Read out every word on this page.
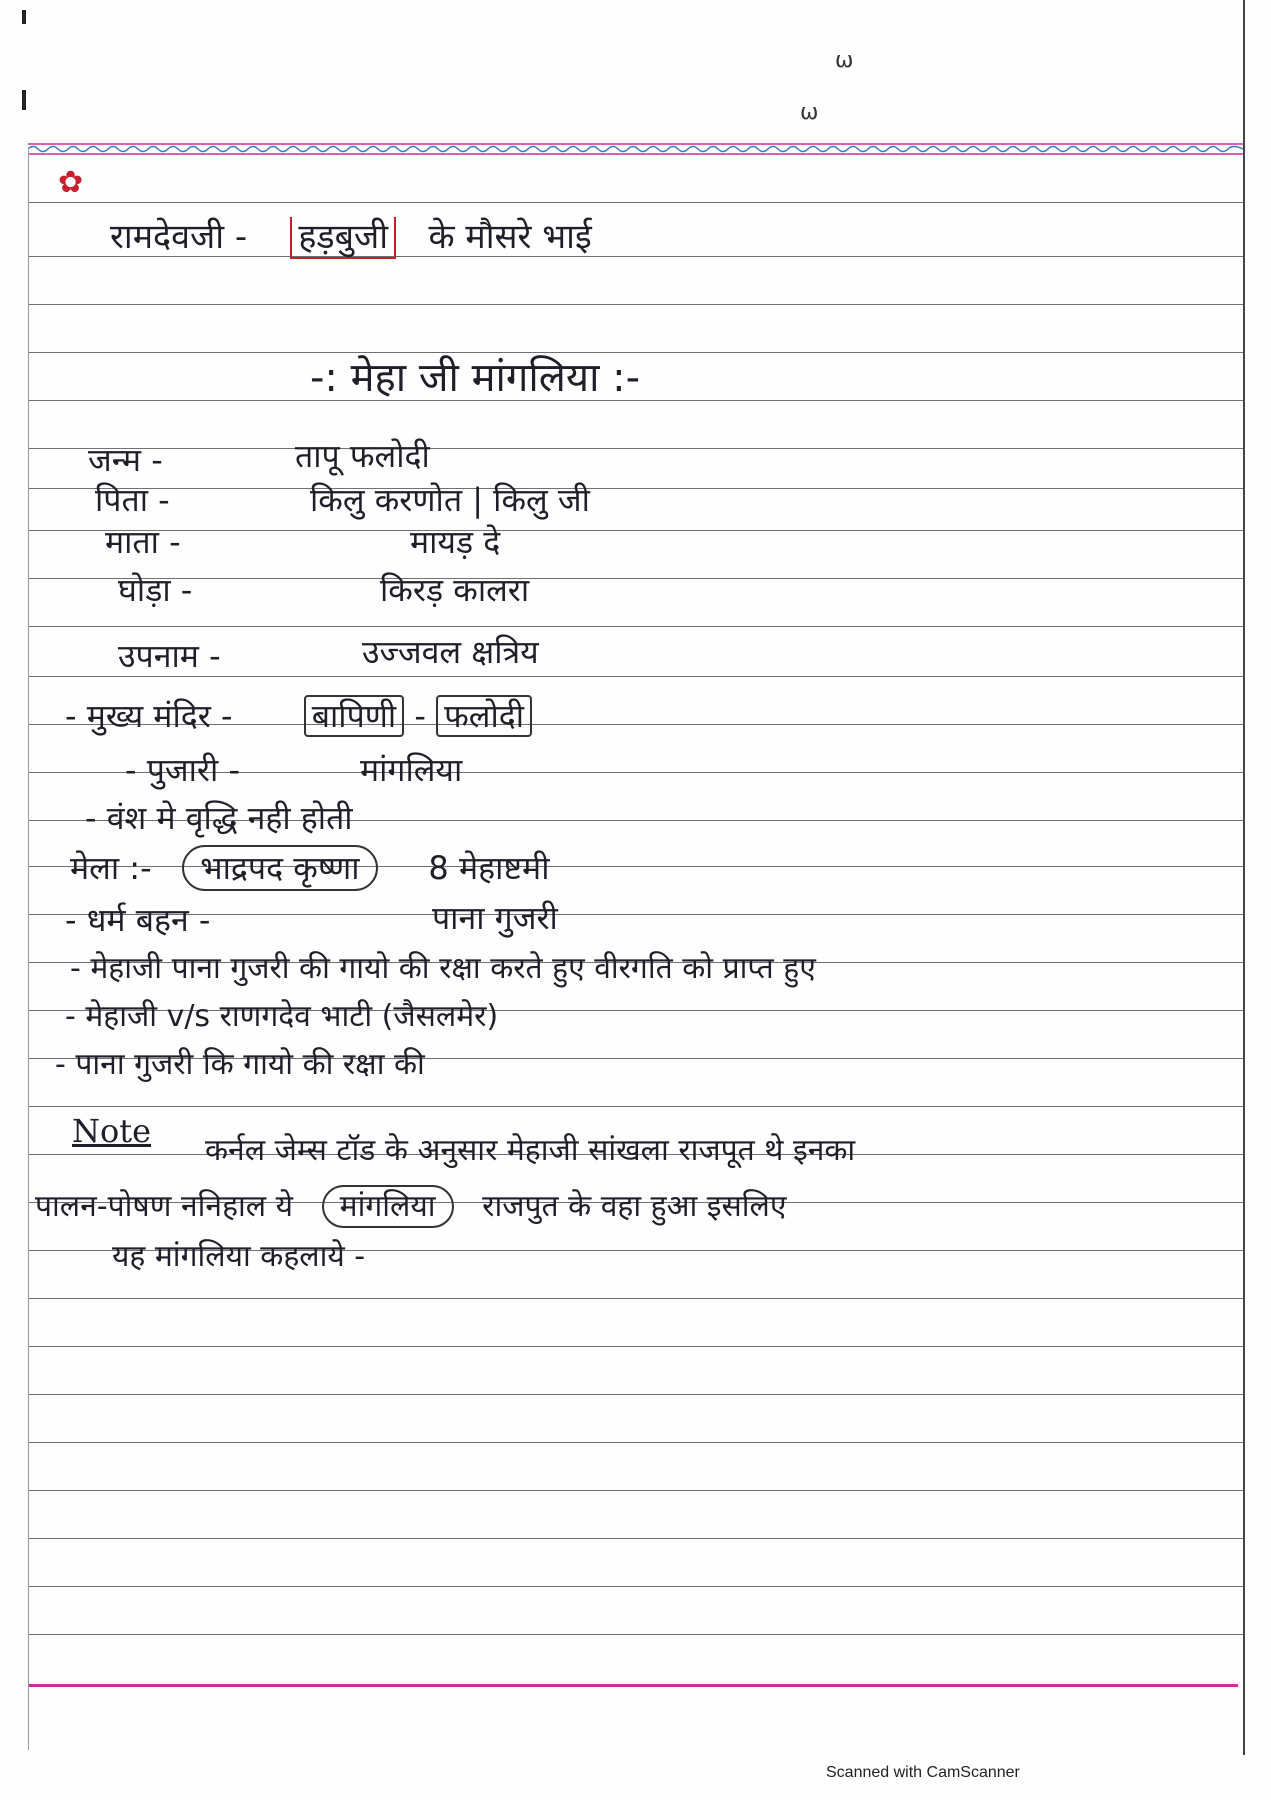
ω
ω
✿
रामदेवजी - हड़बुजी के मौसरे भाई
-: मेहा जी मांगलिया :-
जन्म -	तापू फलोदी
पिता -	किलु करणोत | किलु जी
माता -	मायड़ दे
घोड़ा -	किरड़ कालरा
उपनाम -	उज्जवल क्षत्रिय
- मुख्य मंदिर - बापिणी - फलोदी
- पुजारी -	मांगलिया
- वंश मे वृद्धि नही होती
मेला :- भाद्रपद कृष्णा 8 मेहाष्टमी
- धर्म बहन -	पाना गुजरी
- मेहाजी पाना गुजरी की गायो की रक्षा करते हुए वीरगति को प्राप्त हुए
- मेहाजी v/s राणगदेव भाटी (जैसलमेर)
- पाना गुजरी कि गायो की रक्षा की
Note
कर्नल जेम्स टॉड के अनुसार मेहाजी सांखला राजपूत थे इनका
पालन-पोषण ननिहाल ये मांगलिया राजपुत के वहा हुआ इसलिए
यह मांगलिया कहलाये -
Scanned with CamScanner
